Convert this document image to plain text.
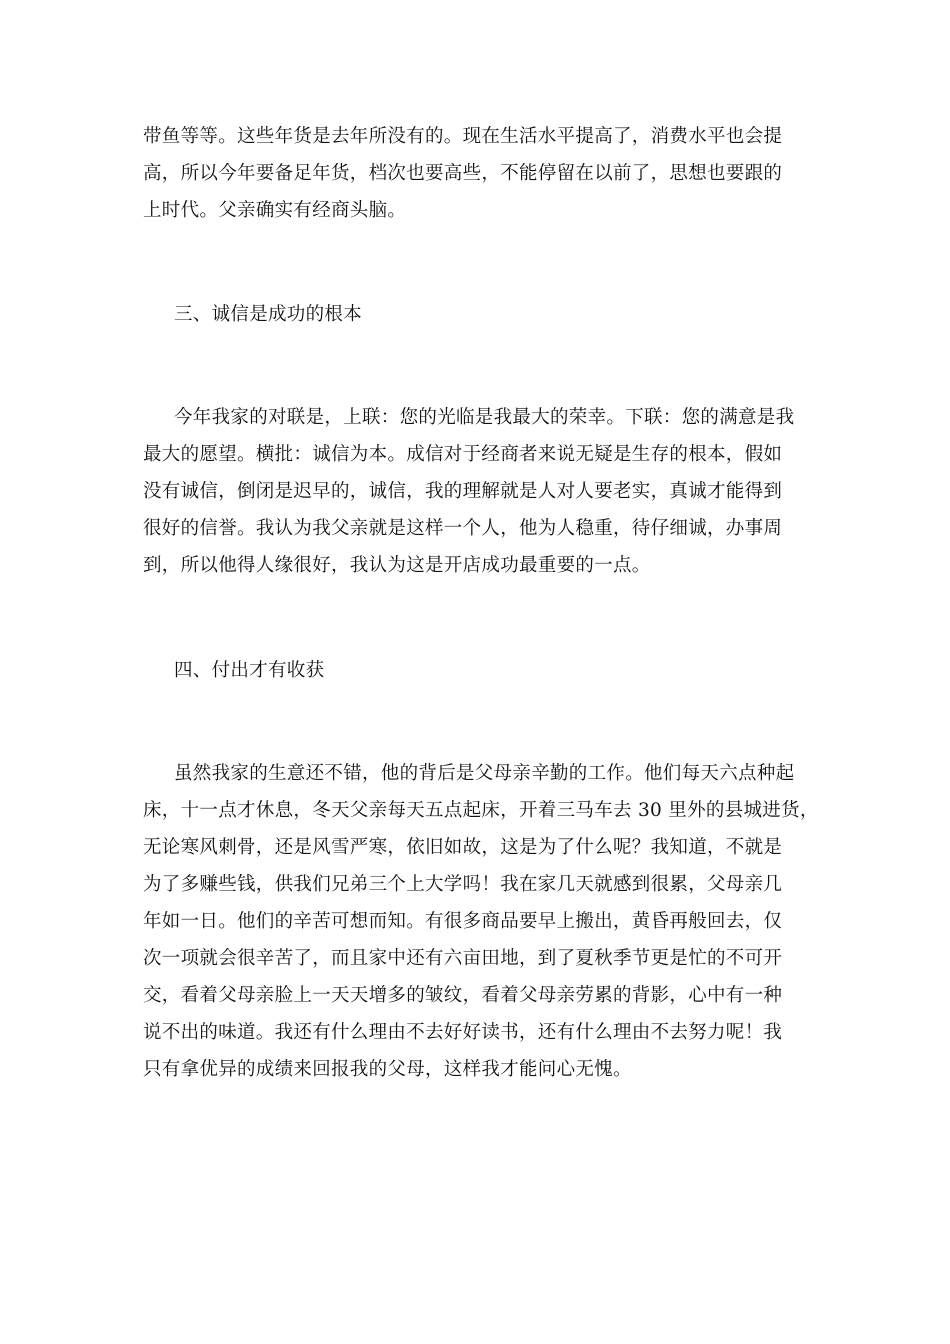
带鱼等等。这些年货是去年所没有的。现在生活水平提高了，消费水平也会提
高，所以今年要备足年货，档次也要高些，不能停留在以前了，思想也要跟的
上时代。父亲确实有经商头脑。
三、诚信是成功的根本
今年我家的对联是，上联：您的光临是我最大的荣幸。下联：您的满意是我
最大的愿望。横批：诚信为本。成信对于经商者来说无疑是生存的根本，假如
没有诚信，倒闭是迟早的，诚信，我的理解就是人对人要老实，真诚才能得到
很好的信誉。我认为我父亲就是这样一个人，他为人稳重，待仔细诚，办事周
到，所以他得人缘很好，我认为这是开店成功最重要的一点。
四、付出才有收获
虽然我家的生意还不错，他的背后是父母亲辛勤的工作。他们每天六点种起
床，十一点才休息，冬天父亲每天五点起床，开着三马车去 30 里外的县城进货，
无论寒风刺骨，还是风雪严寒，依旧如故，这是为了什么呢？我知道，不就是
为了多赚些钱，供我们兄弟三个上大学吗！我在家几天就感到很累，父母亲几
年如一日。他们的辛苦可想而知。有很多商品要早上搬出，黄昏再般回去，仅
次一项就会很辛苦了，而且家中还有六亩田地，到了夏秋季节更是忙的不可开
交，看着父母亲脸上一天天增多的皱纹，看着父母亲劳累的背影，心中有一种
说不出的味道。我还有什么理由不去好好读书，还有什么理由不去努力呢！我
只有拿优异的成绩来回报我的父母，这样我才能问心无愧。
